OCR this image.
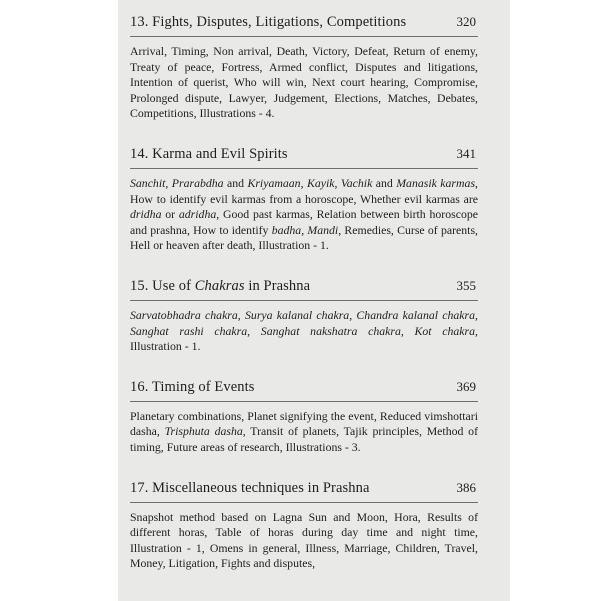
13. Fights, Disputes, Litigations, Competitions	320

Arrival, Timing, Non arrival, Death, Victory, Defeat, Return of enemy, Treaty of peace, Fortress, Armed conflict, Disputes and litigations, Intention of querist, Who will win, Next court hearing, Compromise, Prolonged dispute, Lawyer, Judgement, Elections, Matches, Debates, Competitions, Illustrations - 4.

14. Karma and Evil Spirits	341

Sanchit, Prarabdha and Kriyamaan, Kayik, Vachik and Manasik karmas, How to identify evil karmas from a horoscope, Whether evil karmas are dridha or adridha, Good past karmas, Relation between birth horoscope and prashna, How to identify badha, Mandi, Remedies, Curse of parents, Hell or heaven after death, Illustration - 1.

15. Use of Chakras in Prashna	355

Sarvatobhadra chakra, Surya kalanal chakra, Chandra kalanal chakra, Sanghat rashi chakra, Sanghat nakshatra chakra, Kot chakra, Illustration - 1.

16. Timing of Events	369

Planetary combinations, Planet signifying the event, Reduced vimshottari dasha, Trisphuta dasha, Transit of planets, Tajik principles, Method of timing, Future areas of research, Illustrations - 3.

17. Miscellaneous techniques in Prashna	386

Snapshot method based on Lagna Sun and Moon, Hora, Results of different horas, Table of horas during day time and night time, Illustration - 1, Omens in general, Illness, Marriage, Children, Travel, Money, Litigation, Fights and disputes,
